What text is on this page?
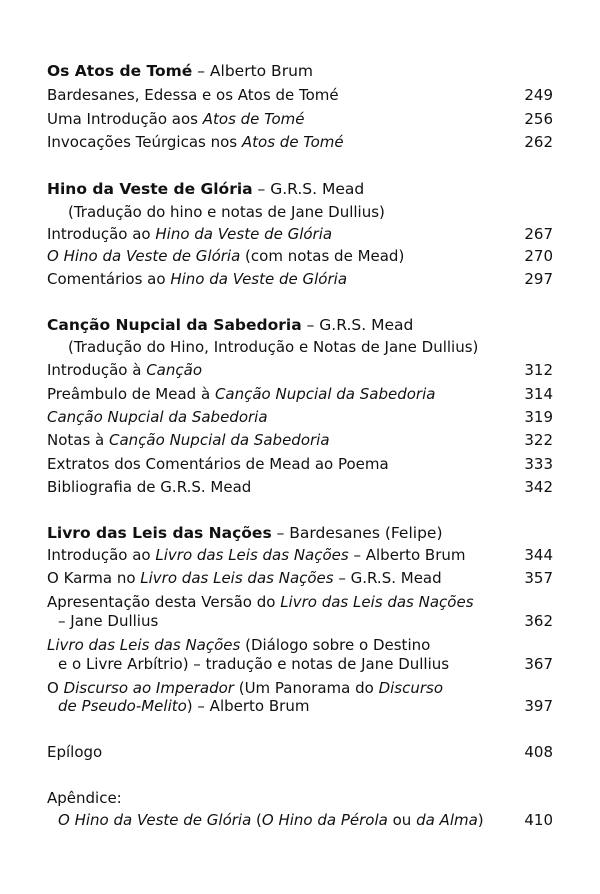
Os Atos de Tomé – Alberto Brum
Bardesanes, Edessa e os Atos de Tomé	249
Uma Introdução aos Atos de Tomé	256
Invocações Teúrgicas nos Atos de Tomé	262
Hino da Veste de Glória – G.R.S. Mead
(Tradução do hino e notas de Jane Dullius)
Introdução ao Hino da Veste de Glória	267
O Hino da Veste de Glória (com notas de Mead)	270
Comentários ao Hino da Veste de Glória	297
Canção Nupcial da Sabedoria – G.R.S. Mead
(Tradução do Hino, Introdução e Notas de Jane Dullius)
Introdução à Canção	312
Preâmbulo de Mead à Canção Nupcial da Sabedoria	314
Canção Nupcial da Sabedoria	319
Notas à Canção Nupcial da Sabedoria	322
Extratos dos Comentários de Mead ao Poema	333
Bibliografia de G.R.S. Mead	342
Livro das Leis das Nações – Bardesanes (Felipe)
Introdução ao Livro das Leis das Nações – Alberto Brum	344
O Karma no Livro das Leis das Nações – G.R.S. Mead	357
Apresentação desta Versão do Livro das Leis das Nações
– Jane Dullius	362
Livro das Leis das Nações (Diálogo sobre o Destino
e o Livre Arbítrio) – tradução e notas de Jane Dullius	367
O Discurso ao Imperador (Um Panorama do Discurso
de Pseudo-Melito) – Alberto Brum	397
Epílogo	408
Apêndice:
O Hino da Veste de Glória (O Hino da Pérola ou da Alma)	410
